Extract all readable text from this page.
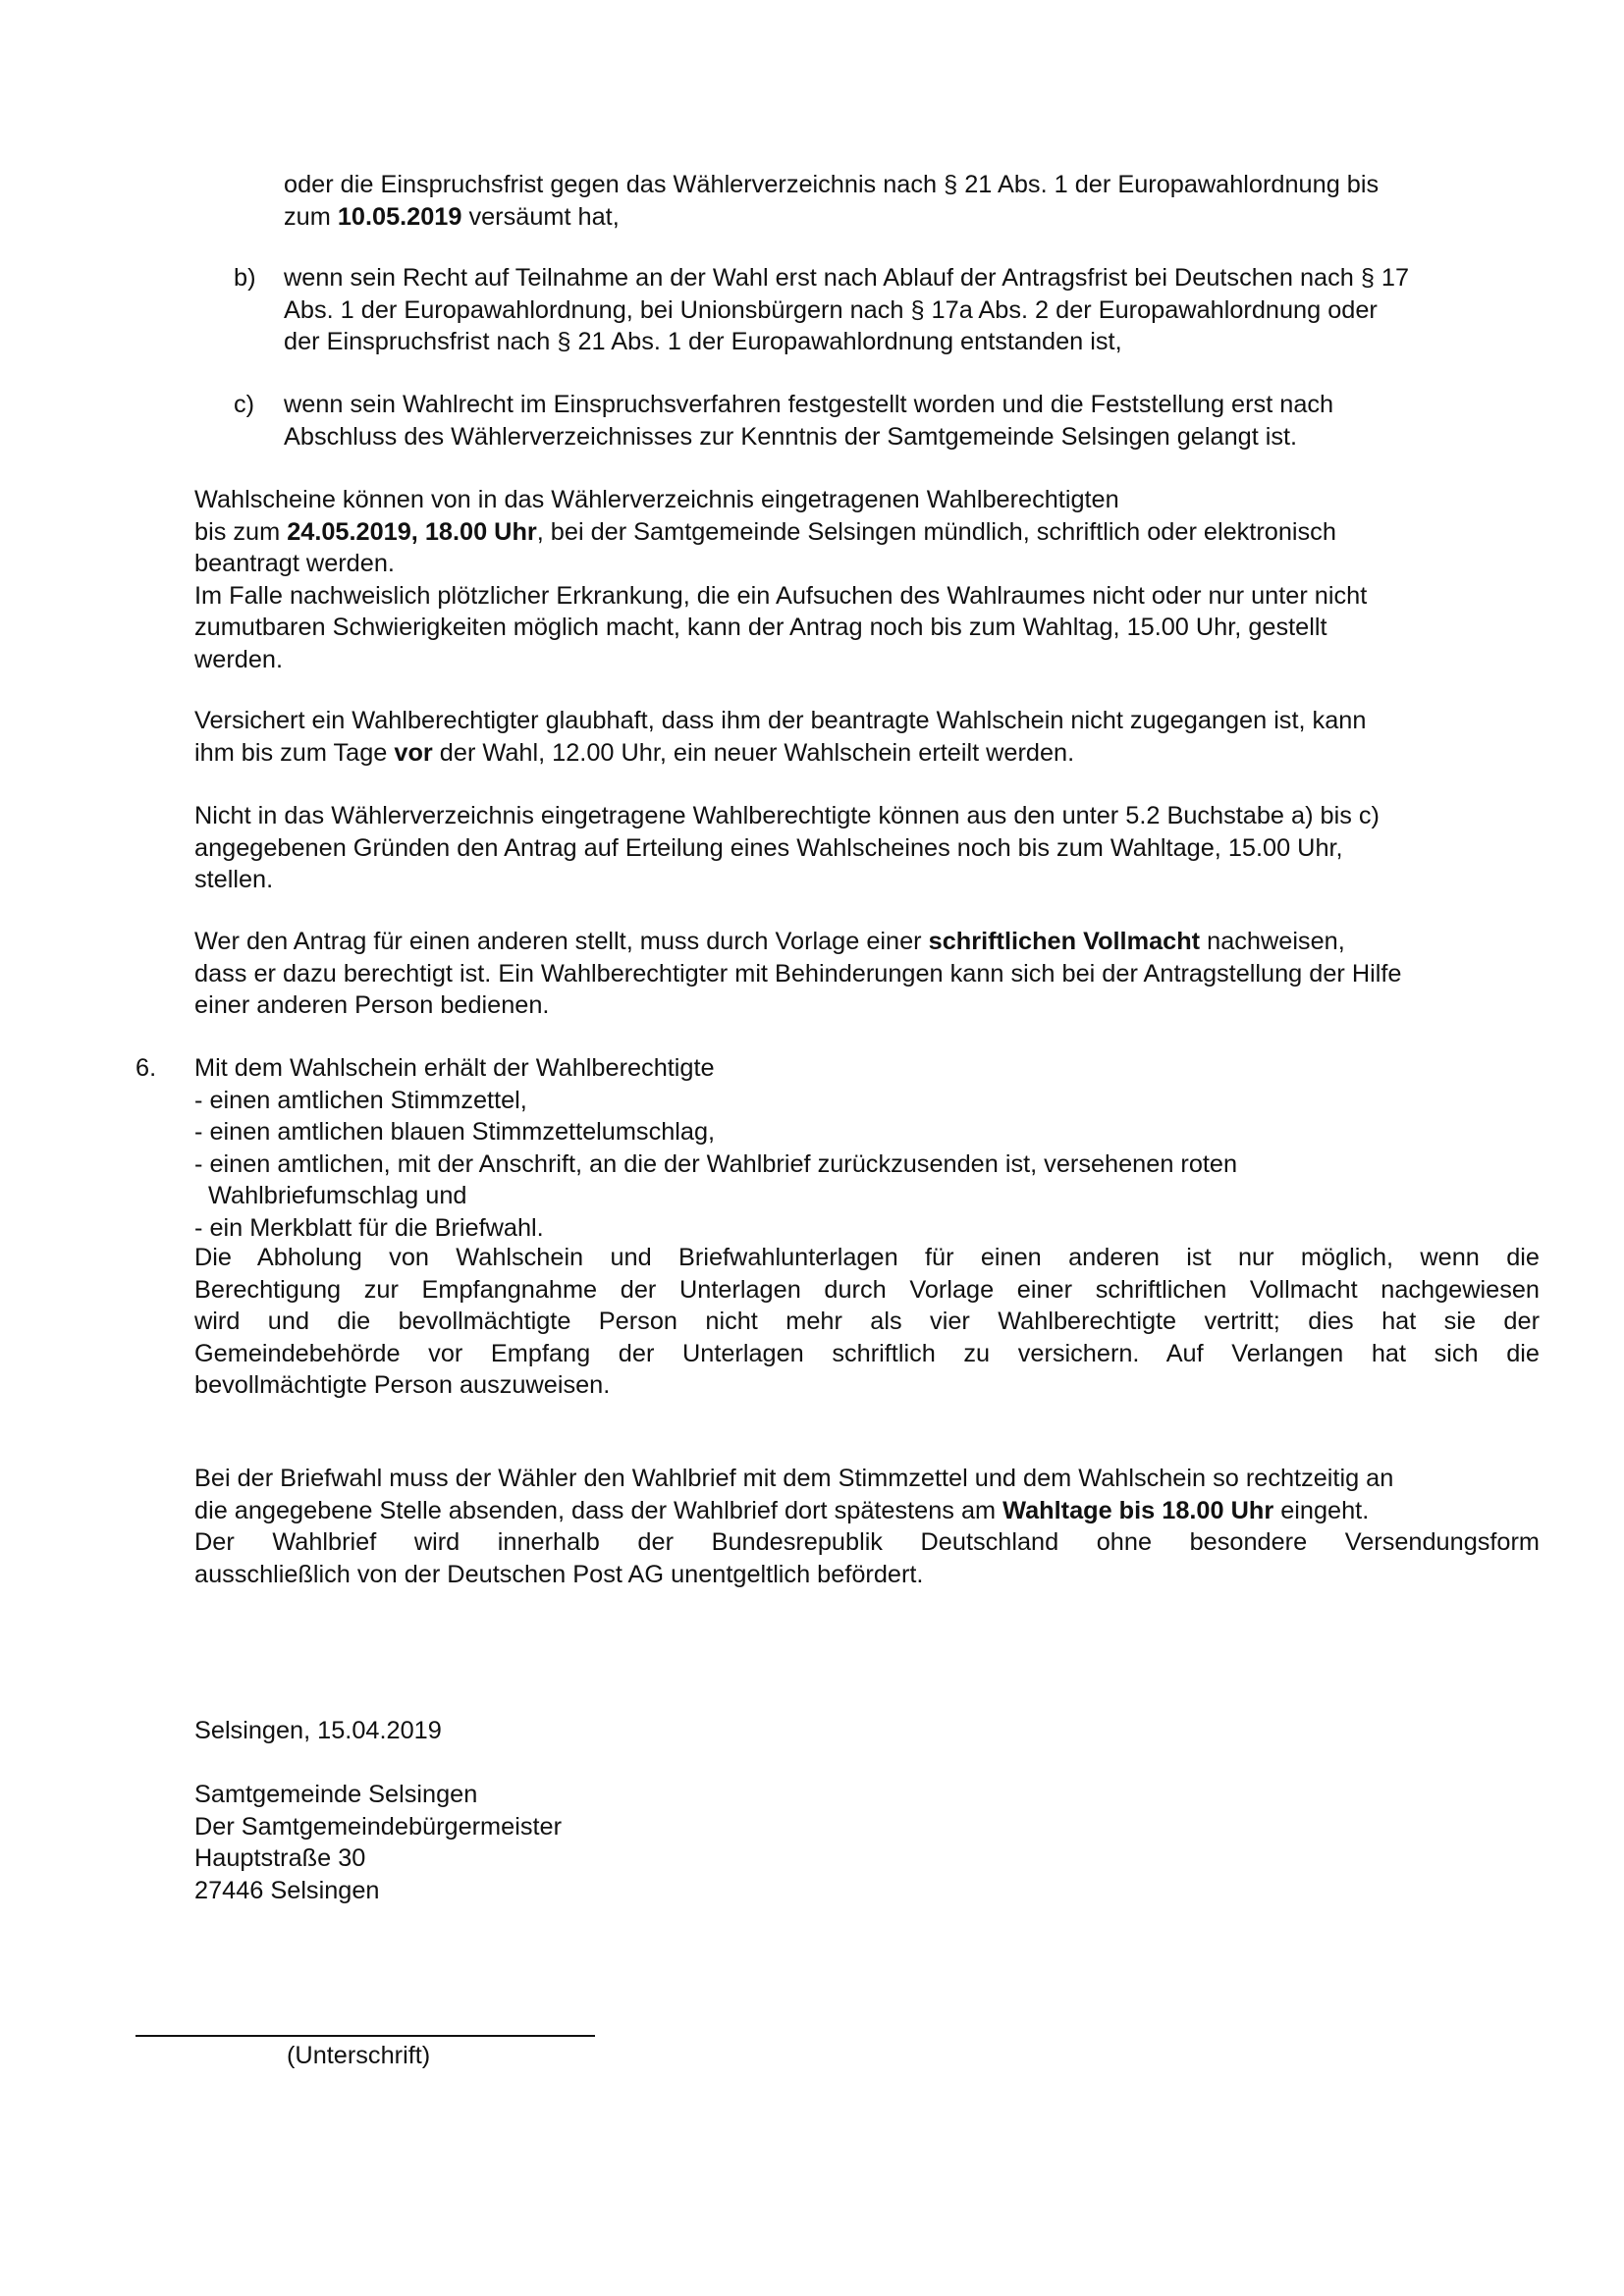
oder die Einspruchsfrist gegen das Wählerverzeichnis nach § 21 Abs. 1 der Europawahlordnung bis
zum 10.05.2019 versäumt hat,
b) wenn sein Recht auf Teilnahme an der Wahl erst nach Ablauf der Antragsfrist bei Deutschen nach § 17
Abs. 1 der Europawahlordnung, bei Unionsbürgern nach § 17a Abs. 2 der Europawahlordnung oder
der Einspruchsfrist nach § 21 Abs. 1 der Europawahlordnung entstanden ist,
c) wenn sein Wahlrecht im Einspruchsverfahren festgestellt worden und die Feststellung erst nach
Abschluss des Wählerverzeichnisses zur Kenntnis der Samtgemeinde Selsingen gelangt ist.
Wahlscheine können von in das Wählerverzeichnis eingetragenen Wahlberechtigten
bis zum 24.05.2019, 18.00 Uhr, bei der Samtgemeinde Selsingen mündlich, schriftlich oder elektronisch
beantragt werden.
Im Falle nachweislich plötzlicher Erkrankung, die ein Aufsuchen des Wahlraumes nicht oder nur unter nicht
zumutbaren Schwierigkeiten möglich macht, kann der Antrag noch bis zum Wahltag, 15.00 Uhr, gestellt
werden.
Versichert ein Wahlberechtigter glaubhaft, dass ihm der beantragte Wahlschein nicht zugegangen ist, kann
ihm bis zum Tage vor der Wahl, 12.00 Uhr, ein neuer Wahlschein erteilt werden.
Nicht in das Wählerverzeichnis eingetragene Wahlberechtigte können aus den unter 5.2 Buchstabe a) bis c)
angegebenen Gründen den Antrag auf Erteilung eines Wahlscheines noch bis zum Wahltage, 15.00 Uhr,
stellen.
Wer den Antrag für einen anderen stellt, muss durch Vorlage einer schriftlichen Vollmacht nachweisen,
dass er dazu berechtigt ist. Ein Wahlberechtigter mit Behinderungen kann sich bei der Antragstellung der Hilfe
einer anderen Person bedienen.
6. Mit dem Wahlschein erhält der Wahlberechtigte
- einen amtlichen Stimmzettel,
- einen amtlichen blauen Stimmzettelumschlag,
- einen amtlichen, mit der Anschrift, an die der Wahlbrief zurückzusenden ist, versehenen roten
Wahlbriefumschlag und
- ein Merkblatt für die Briefwahl.
Die Abholung von Wahlschein und Briefwahlunterlagen für einen anderen ist nur möglich, wenn die
Berechtigung zur Empfangnahme der Unterlagen durch Vorlage einer schriftlichen Vollmacht nachgewiesen
wird und die bevollmächtigte Person nicht mehr als vier Wahlberechtigte vertritt; dies hat sie der
Gemeindebehörde vor Empfang der Unterlagen schriftlich zu versichern. Auf Verlangen hat sich die
bevollmächtigte Person auszuweisen.
Bei der Briefwahl muss der Wähler den Wahlbrief mit dem Stimmzettel und dem Wahlschein so rechtzeitig an
die angegebene Stelle absenden, dass der Wahlbrief dort spätestens am Wahltage bis 18.00 Uhr eingeht.
Der Wahlbrief wird innerhalb der Bundesrepublik Deutschland ohne besondere Versendungsform
ausschließlich von der Deutschen Post AG unentgeltlich befördert.
Selsingen, 15.04.2019
Samtgemeinde Selsingen
Der Samtgemeindebürgermeister
Hauptstraße 30
27446 Selsingen
(Unterschrift)
